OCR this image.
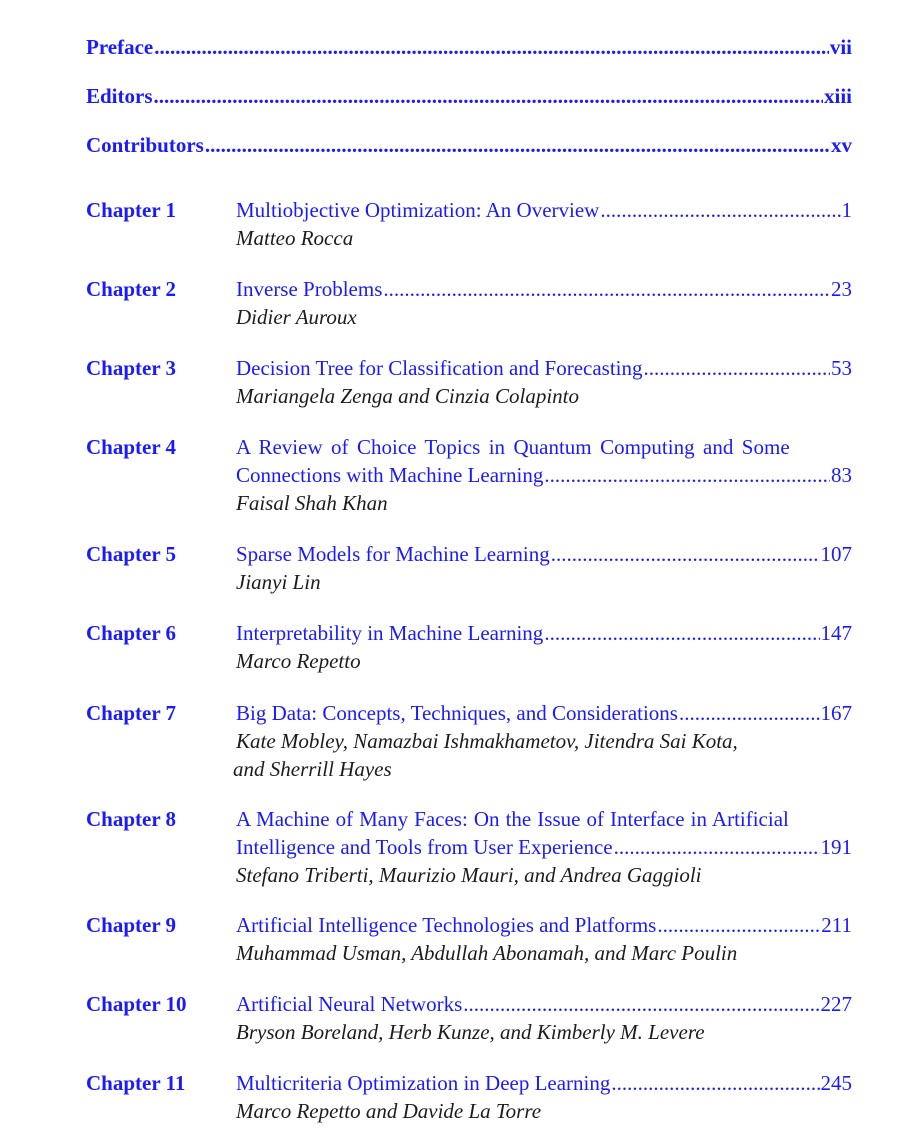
Preface .....	vii
Editors .....	xiii
Contributors .....	xv
Chapter 1	Multiobjective Optimization: An Overview .....	1
Matteo Rocca
Chapter 2	Inverse Problems .....	23
Didier Auroux
Chapter 3	Decision Tree for Classification and Forecasting .....	53
Mariangela Zenga and Cinzia Colapinto
Chapter 4	A Review of Choice Topics in Quantum Computing and Some
Connections with Machine Learning .....	83
Faisal Shah Khan
Chapter 5	Sparse Models for Machine Learning .....	107
Jianyi Lin
Chapter 6	Interpretability in Machine Learning .....	147
Marco Repetto
Chapter 7	Big Data: Concepts, Techniques, and Considerations .....	167
Kate Mobley, Namazbai Ishmakhametov, Jitendra Sai Kota,
and Sherrill Hayes
Chapter 8	A Machine of Many Faces: On the Issue of Interface in Artificial
Intelligence and Tools from User Experience .....	191
Stefano Triberti, Maurizio Mauri, and Andrea Gaggioli
Chapter 9	Artificial Intelligence Technologies and Platforms .....	211
Muhammad Usman, Abdullah Abonamah, and Marc Poulin
Chapter 10 Artificial Neural Networks .....	227
Bryson Boreland, Herb Kunze, and Kimberly M. Levere
Chapter 11 Multicriteria Optimization in Deep Learning .....	245
Marco Repetto and Davide La Torre
